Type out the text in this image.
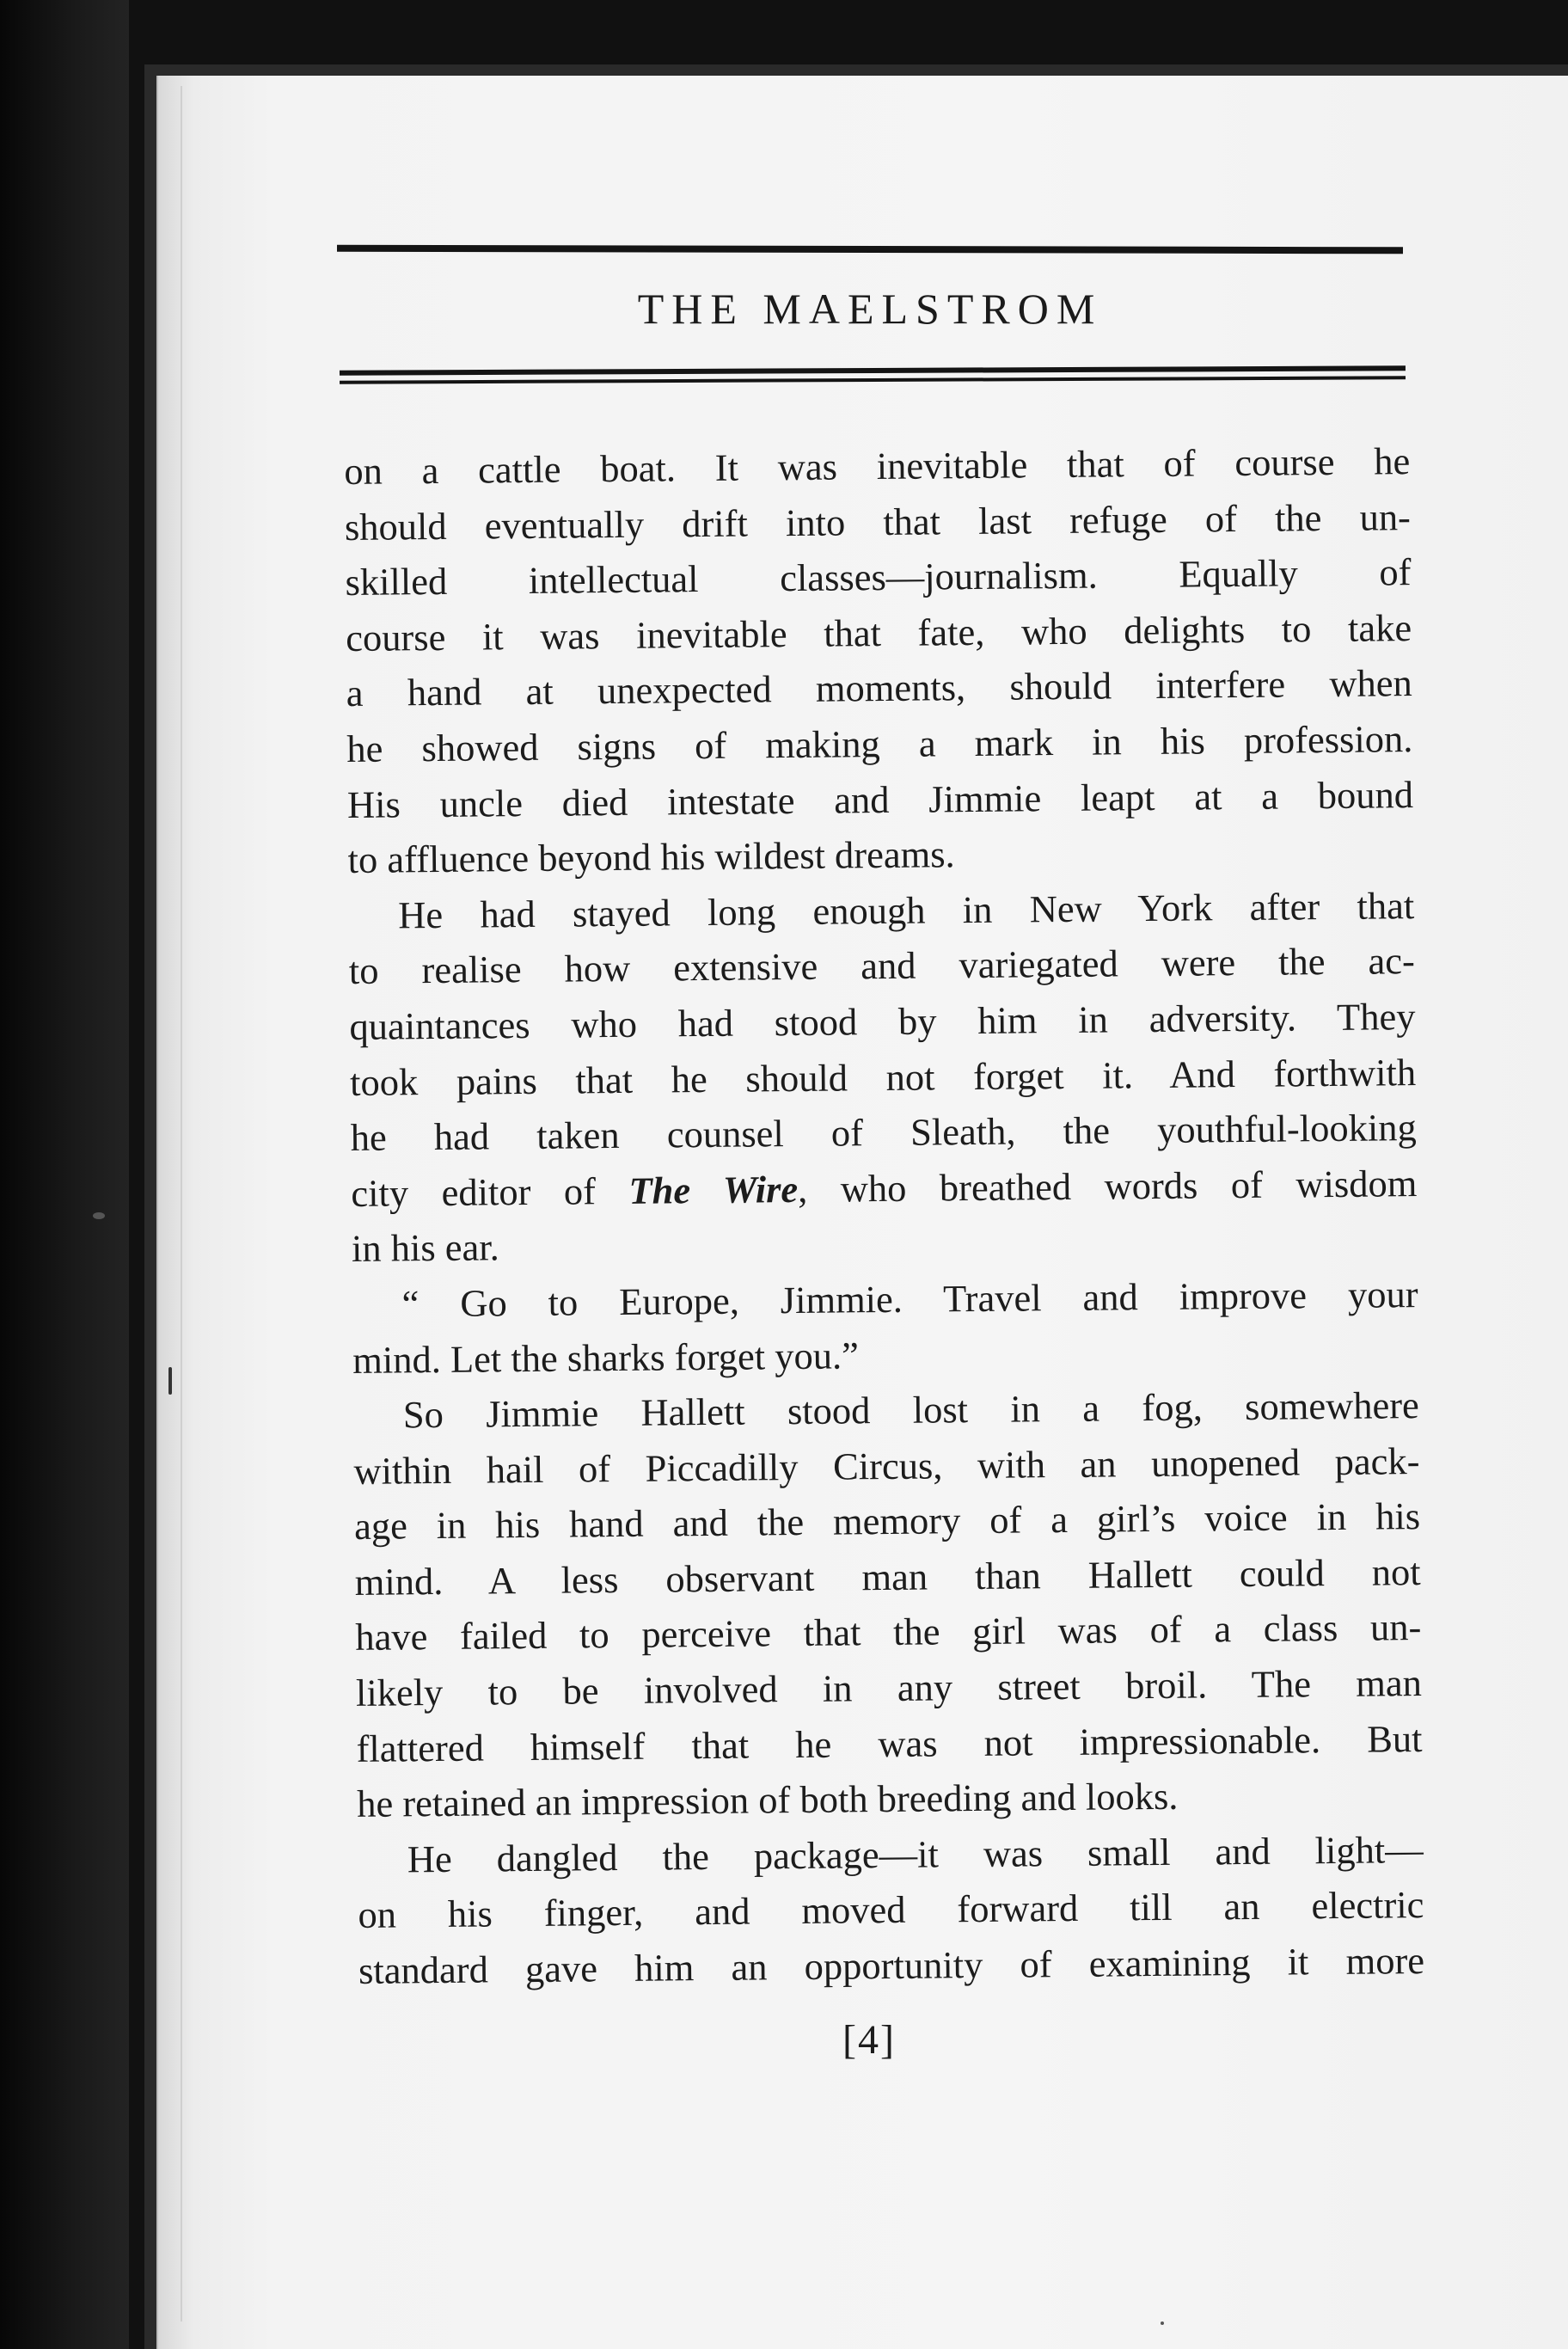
THE MAELSTROM
on a cattle boat. It was inevitable that of course he
should eventually drift into that last refuge of the un-
skilled intellectual classes—journalism. Equally of
course it was inevitable that fate, who delights to take
a hand at unexpected moments, should interfere when
he showed signs of making a mark in his profession.
His uncle died intestate and Jimmie leapt at a bound
to affluence beyond his wildest dreams.
He had stayed long enough in New York after that
to realise how extensive and variegated were the ac-
quaintances who had stood by him in adversity. They
took pains that he should not forget it. And forthwith
he had taken counsel of Sleath, the youthful-looking
city editor of The Wire, who breathed words of wisdom
in his ear.
“ Go to Europe, Jimmie. Travel and improve your
mind. Let the sharks forget you.”
So Jimmie Hallett stood lost in a fog, somewhere
within hail of Piccadilly Circus, with an unopened pack-
age in his hand and the memory of a girl’s voice in his
mind. A less observant man than Hallett could not
have failed to perceive that the girl was of a class un-
likely to be involved in any street broil. The man
flattered himself that he was not impressionable. But
he retained an impression of both breeding and looks.
He dangled the package—it was small and light—
on his finger, and moved forward till an electric
standard gave him an opportunity of examining it more
[4]
